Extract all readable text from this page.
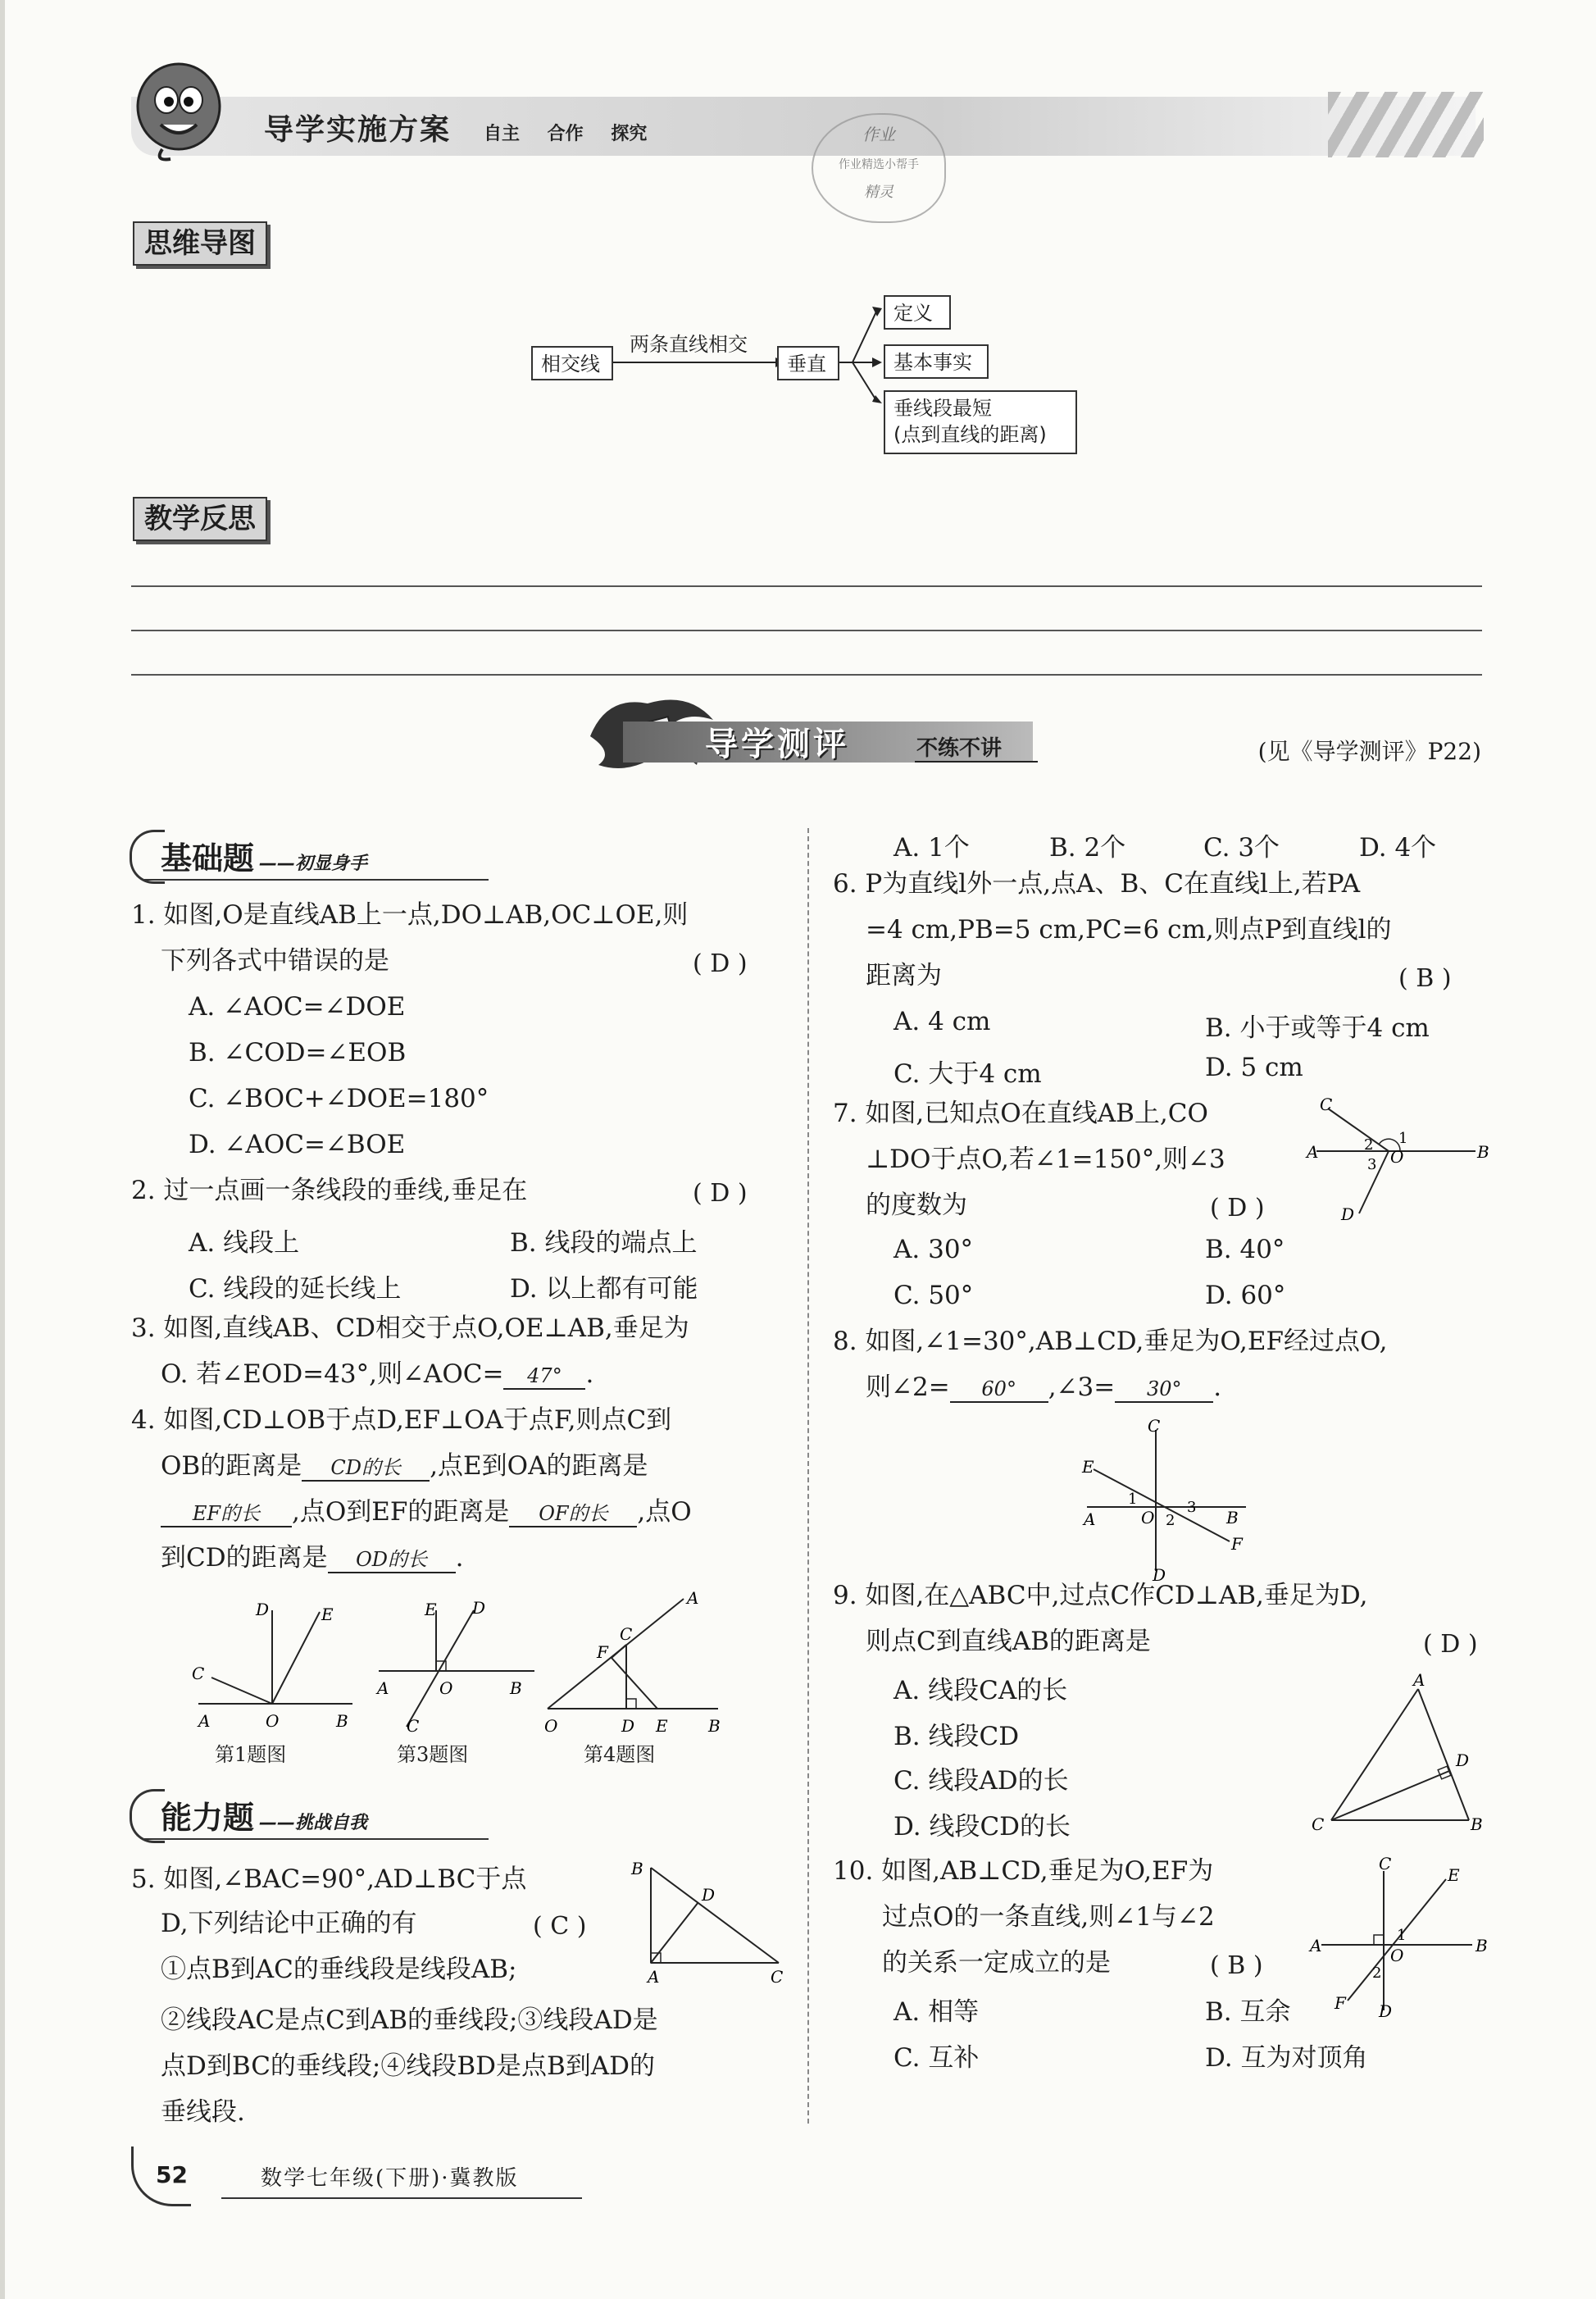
导学实施方案 自主 合作 探究	作业
作业精选小帮手
精灵
思维导图
相交线
两条直线相交
垂直
定义
基本事实
垂线段最短
(点到直线的距离)
教学反思
导学测评	不练不讲	(见《导学测评》P22)
基础题 ——初显身手
1. 如图,O是直线AB上一点,DO⊥AB,OC⊥OE,则
下列各式中错误的是	( D )
A. ∠AOC=∠DOE
B. ∠COD=∠EOB
C. ∠BOC+∠DOE=180°
D. ∠AOC=∠BOE
2. 过一点画一条线段的垂线,垂足在	( D )
A. 线段上	B. 线段的端点上
C. 线段的延长线上	D. 以上都有可能
3. 如图,直线AB、CD相交于点O,OE⊥AB,垂足为
O. 若∠EOD=43°,则∠AOC= 47° .
4. 如图,CD⊥OB于点D,EF⊥OA于点F,则点C到
OB的距离是 CD的长 ,点E到OA的距离是
EF的长 ,点O到EF的距离是 OF的长 ,点O
到CD的距离是 OD的长 .
A	O	B
D	E
C
第1题图
A	O	B
E D
C
第3题图
O	D E B
A
C
F
第4题图
能力题 ——挑战自我
5. 如图,∠BAC=90°,AD⊥BC于点
D,下列结论中正确的有	( C )
①点B到AC的垂线段是线段AB;
②线段AC是点C到AB的垂线段;③线段AD是
点D到BC的垂线段;④线段BD是点B到AD的
垂线段.
B
D
A	C
A. 1个	B. 2个	C. 3个	D. 4个
6. P为直线l外一点,点A、B、C在直线l上,若PA
=4 cm,PB=5 cm,PC=6 cm,则点P到直线l的
距离为	( B )
A. 4 cm	B. 小于或等于4 cm
C. 大于4 cm	D. 5 cm
7. 如图,已知点O在直线AB上,CO
⊥DO于点O,若∠1=150°,则∠3
的度数为	( D )
A. 30°	B. 40°
C. 50°	D. 60°
A	B
C
D
O
1
2
3
8. 如图,∠1=30°,AB⊥CD,垂足为O,EF经过点O,
则∠2= 60° ,∠3= 30° .
C
D
E
F
A	B
O
1
2
3
9. 如图,在△ABC中,过点C作CD⊥AB,垂足为D,
则点C到直线AB的距离是	( D )
A. 线段CA的长
B. 线段CD
C. 线段AD的长
D. 线段CD的长
A
D
C	B
10. 如图,AB⊥CD,垂足为O,EF为
过点O的一条直线,则∠1与∠2
的关系一定成立的是	( B )
A. 相等	B. 互余
C. 互补	D. 互为对顶角
C
D
E
F
A	B
O
1
2
52	数学七年级(下册)·冀教版
